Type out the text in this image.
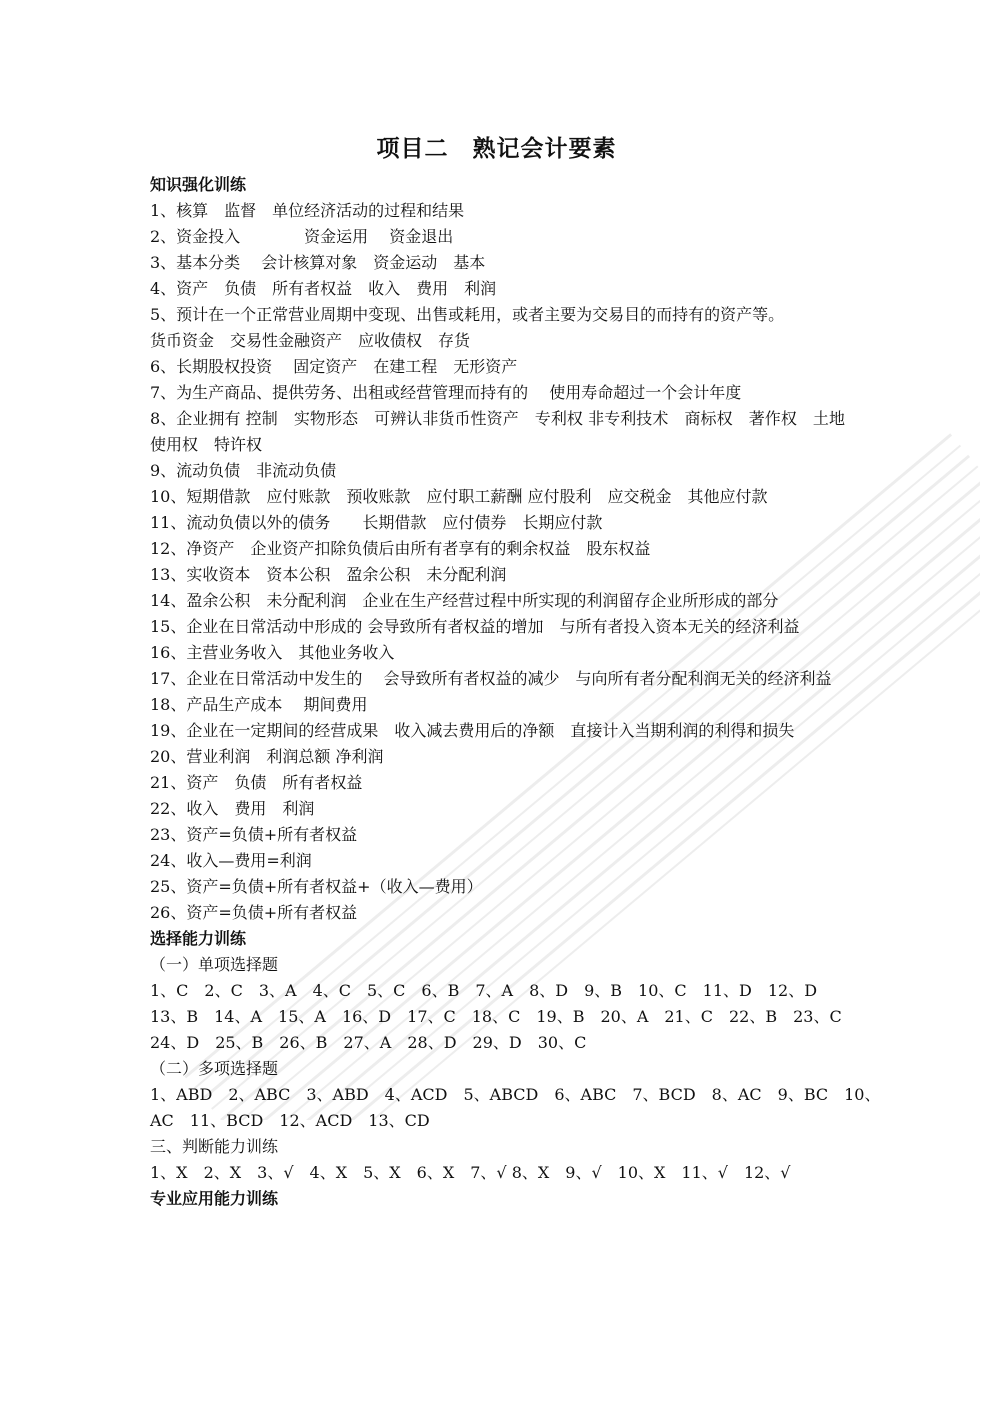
项目二　熟记会计要素
知识强化训练
1、核算　监督　单位经济活动的过程和结果
2、资金投入　　　　资金运用　 资金退出
3、基本分类　 会计核算对象　资金运动　基本
4、资产　负债　所有者权益　收入　费用　利润
5、预计在一个正常营业周期中变现、出售或耗用，或者主要为交易目的而持有的资产等。
货币资金　交易性金融资产　应收债权　存货
6、长期股权投资　 固定资产　在建工程　无形资产
7、为生产商品、提供劳务、出租或经营管理而持有的　 使用寿命超过一个会计年度
8、企业拥有 控制　实物形态　可辨认非货币性资产　专利权 非专利技术　商标权　著作权　土地使用权　特许权
9、流动负债　非流动负债
10、短期借款　应付账款　预收账款　应付职工薪酬 应付股利　应交税金　其他应付款
11、流动负债以外的债务　　长期借款　应付债券　长期应付款
12、净资产　企业资产扣除负债后由所有者享有的剩余权益　股东权益
13、实收资本　资本公积　盈余公积　未分配利润
14、盈余公积　未分配利润　企业在生产经营过程中所实现的利润留存企业所形成的部分
15、企业在日常活动中形成的 会导致所有者权益的增加　与所有者投入资本无关的经济利益
16、主营业务收入　其他业务收入
17、企业在日常活动中发生的　 会导致所有者权益的减少　与向所有者分配利润无关的经济利益
18、产品生产成本　 期间费用
19、企业在一定期间的经营成果　收入减去费用后的净额　直接计入当期利润的利得和损失
20、营业利润　利润总额 净利润
21、资产　负债　所有者权益
22、收入　费用　利润
23、资产=负债+所有者权益
24、收入—费用=利润
25、资产=负债+所有者权益+（收入—费用）
26、资产=负债+所有者权益
选择能力训练
（一）单项选择题
1、C　2、C　3、A　4、C　5、C　6、B　7、A　8、D　9、B　10、C　11、D　12、D
13、B　14、A　15、A　16、D　17、C　18、C　19、B　20、A　21、C　22、B　23、C
24、D　25、B　26、B　27、A　28、D　29、D　30、C
（二）多项选择题
1、ABD　2、ABC　3、ABD　4、ACD　5、ABCD　6、ABC　7、BCD　8、AC　9、BC　10、
AC　11、BCD　12、ACD　13、CD
三、判断能力训练
1、X　2、X　3、√　4、X　5、X　6、X　7、√ 8、X　9、√　10、X　11、√　12、√
专业应用能力训练
